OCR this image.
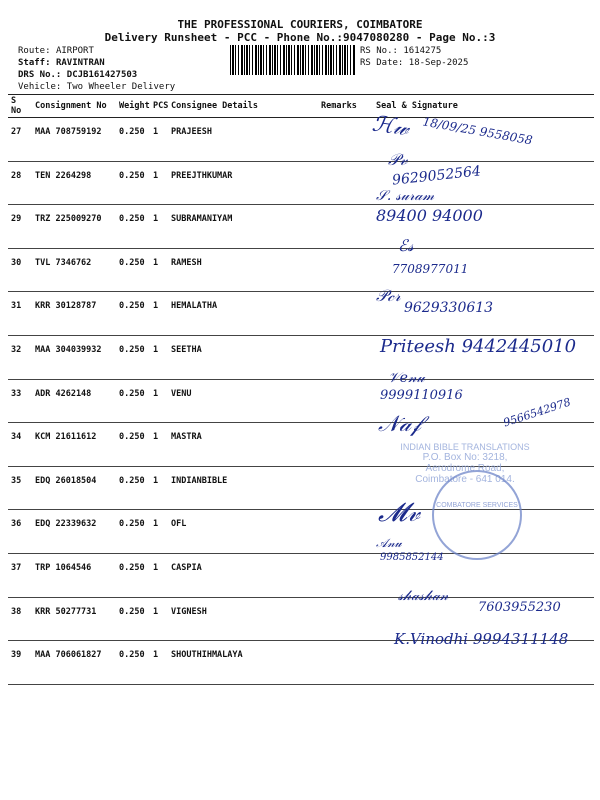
THE PROFESSIONAL COURIERS, COIMBATORE
Delivery Runsheet - PCC - Phone No.:9047080280 - Page No.:3
Route: AIRPORT
Staff: RAVINTRAN
DRS No.: DCJB161427503
Vehicle: Two Wheeler Delivery
RS No.: 1614275
RS Date: 18-Sep-2025
S No	Consignment No	Weight	PCS	Consignee Details	Remarks	Seal & Signature
27	MAA 708759192	0.250	1	PRAJEESH		
28	TEN 2264298	0.250	1	PREEJTHKUMAR		
29	TRZ 225009270	0.250	1	SUBRAMANIYAM		
30	TVL 7346762	0.250	1	RAMESH		
31	KRR 30128787	0.250	1	HEMALATHA		
32	MAA 304039932	0.250	1	SEETHA		
33	ADR 4262148	0.250	1	VENU		
34	KCM 21611612	0.250	1	MASTRA		
35	EDQ 26018504	0.250	1	INDIANBIBLE		
36	EDQ 22339632	0.250	1	OFL		
37	TRP 1064546	0.250	1	CASPIA		
38	KRR 50277731	0.250	1	VIGNESH		
39	MAA 706061827	0.250	1	SHOUTHIHMALAYA		
ℋ𝓌 18/09/25 9558058
𝒫𝓋
9629052564
𝒮. 𝓈𝓊𝓇𝒶𝓂
89400 94000
ℰ𝓈
7708977011
𝒫𝒸𝓇
9629330613
Priteesh 9442445010
𝒱𝑒𝓃𝓊
9999110916
𝒩𝒶𝒻	9566542978
INDIAN BIBLE TRANSLATIONS
P.O. Box No: 3218,
Aerodrome Road,
Coimbatore - 641 014.
COMBATORE SERVICES
𝓜𝓋
𝒜𝓃𝓊
9985852144
𝓈𝒽𝒶𝓈𝒽𝒶𝓃
7603955230
K.Vinodhi 9994311148
